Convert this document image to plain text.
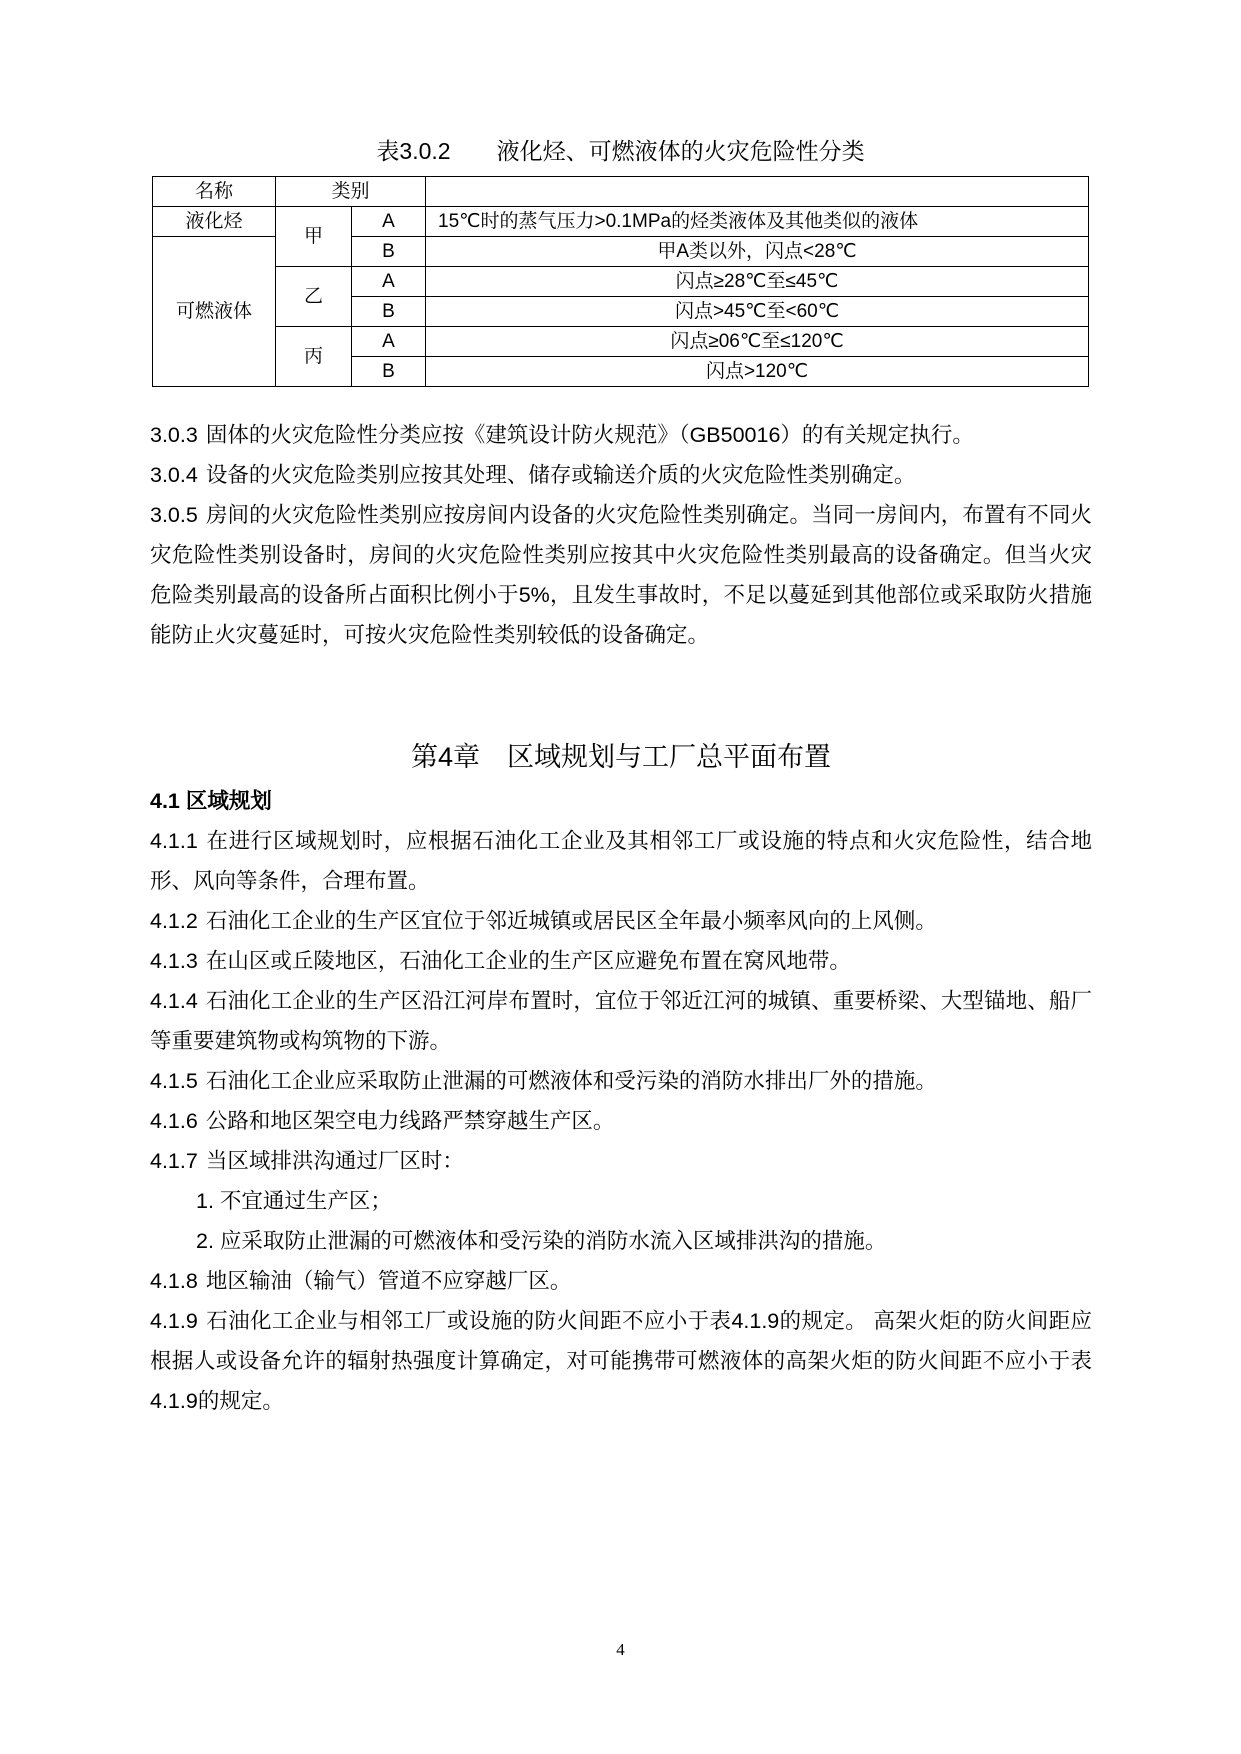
表3.0.2　　液化烃、可燃液体的火灾危险性分类
名称	类别		
液化烃	甲	A	15℃时的蒸气压力>0.1MPa的烃类液体及其他类似的液体
可燃液体		B	甲A类以外，闪点<28℃
	乙	A	闪点≥28℃至≤45℃
		B	闪点>45℃至<60℃
	丙	A	闪点≥06℃至≤120℃
		B	闪点>120℃

3.0.3 固体的火灾危险性分类应按《建筑设计防火规范》（GB50016）的有关规定执行。

3.0.4 设备的火灾危险类别应按其处理、储存或输送介质的火灾危险性类别确定。

3.0.5 房间的火灾危险性类别应按房间内设备的火灾危险性类别确定。当同一房间内，布置有不同火灾危险性类别设备时，房间的火灾危险性类别应按其中火灾危险性类别最高的设备确定。但当火灾危险类别最高的设备所占面积比例小于5%，且发生事故时，不足以蔓延到其他部位或采取防火措施能防止火灾蔓延时，可按火灾危险性类别较低的设备确定。

第4章　区域规划与工厂总平面布置

4.1 区域规划

4.1.1 在进行区域规划时，应根据石油化工企业及其相邻工厂或设施的特点和火灾危险性，结合地形、风向等条件，合理布置。

4.1.2 石油化工企业的生产区宜位于邻近城镇或居民区全年最小频率风向的上风侧。

4.1.3 在山区或丘陵地区，石油化工企业的生产区应避免布置在窝风地带。

4.1.4 石油化工企业的生产区沿江河岸布置时，宜位于邻近江河的城镇、重要桥梁、大型锚地、船厂等重要建筑物或构筑物的下游。

4.1.5 石油化工企业应采取防止泄漏的可燃液体和受污染的消防水排出厂外的措施。

4.1.6 公路和地区架空电力线路严禁穿越生产区。

4.1.7 当区域排洪沟通过厂区时：

1. 不宜通过生产区；

2. 应采取防止泄漏的可燃液体和受污染的消防水流入区域排洪沟的措施。

4.1.8 地区输油（输气）管道不应穿越厂区。

4.1.9 石油化工企业与相邻工厂或设施的防火间距不应小于表4.1.9的规定。 高架火炬的防火间距应根据人或设备允许的辐射热强度计算确定，对可能携带可燃液体的高架火炬的防火间距不应小于表4.1.9的规定。

4
